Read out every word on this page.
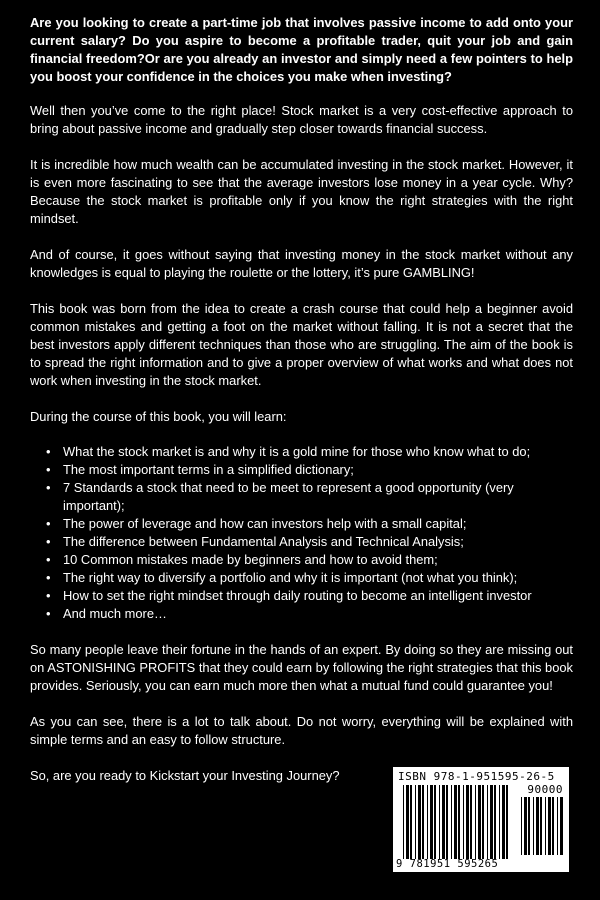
Are you looking to create a part-time job that involves passive income to add onto your current salary? Do you aspire to become a profitable trader, quit your job and gain financial freedom?Or are you already an investor and simply need a few pointers to help you boost your confidence in the choices you make when investing?

Well then you’ve come to the right place! Stock market is a very cost-effective approach to bring about passive income and gradually step closer towards financial success.

It is incredible how much wealth can be accumulated investing in the stock market. However, it is even more fascinating to see that the average investors lose money in a year cycle. Why? Because the stock market is profitable only if you know the right strategies with the right mindset.

And of course, it goes without saying that investing money in the stock market without any knowledges is equal to playing the roulette or the lottery, it’s pure GAMBLING!

This book was born from the idea to create a crash course that could help a beginner avoid common mistakes and getting a foot on the market without falling. It is not a secret that the best investors apply different techniques than those who are struggling. The aim of the book is to spread the right information and to give a proper overview of what works and what does not work when investing in the stock market.

During the course of this book, you will learn:

• What the stock market is and why it is a gold mine for those who know what to do;
• The most important terms in a simplified dictionary;
• 7 Standards a stock that need to be meet to represent a good opportunity (very important);
• The power of leverage and how can investors help with a small capital;
• The difference between Fundamental Analysis and Technical Analysis;
• 10 Common mistakes made by beginners and how to avoid them;
• The right way to diversify a portfolio and why it is important (not what you think);
• How to set the right mindset through daily routing to become an intelligent investor
• And much more…

So many people leave their fortune in the hands of an expert. By doing so they are missing out on ASTONISHING PROFITS that they could earn by following the right strategies that this book provides. Seriously, you can earn much more then what a mutual fund could guarantee you!

As you can see, there is a lot to talk about. Do not worry, everything will be explained with simple terms and an easy to follow structure.

So, are you ready to Kickstart your Investing Journey?	ISBN 978-1-951595-26-5
90000
9 781951 595265
